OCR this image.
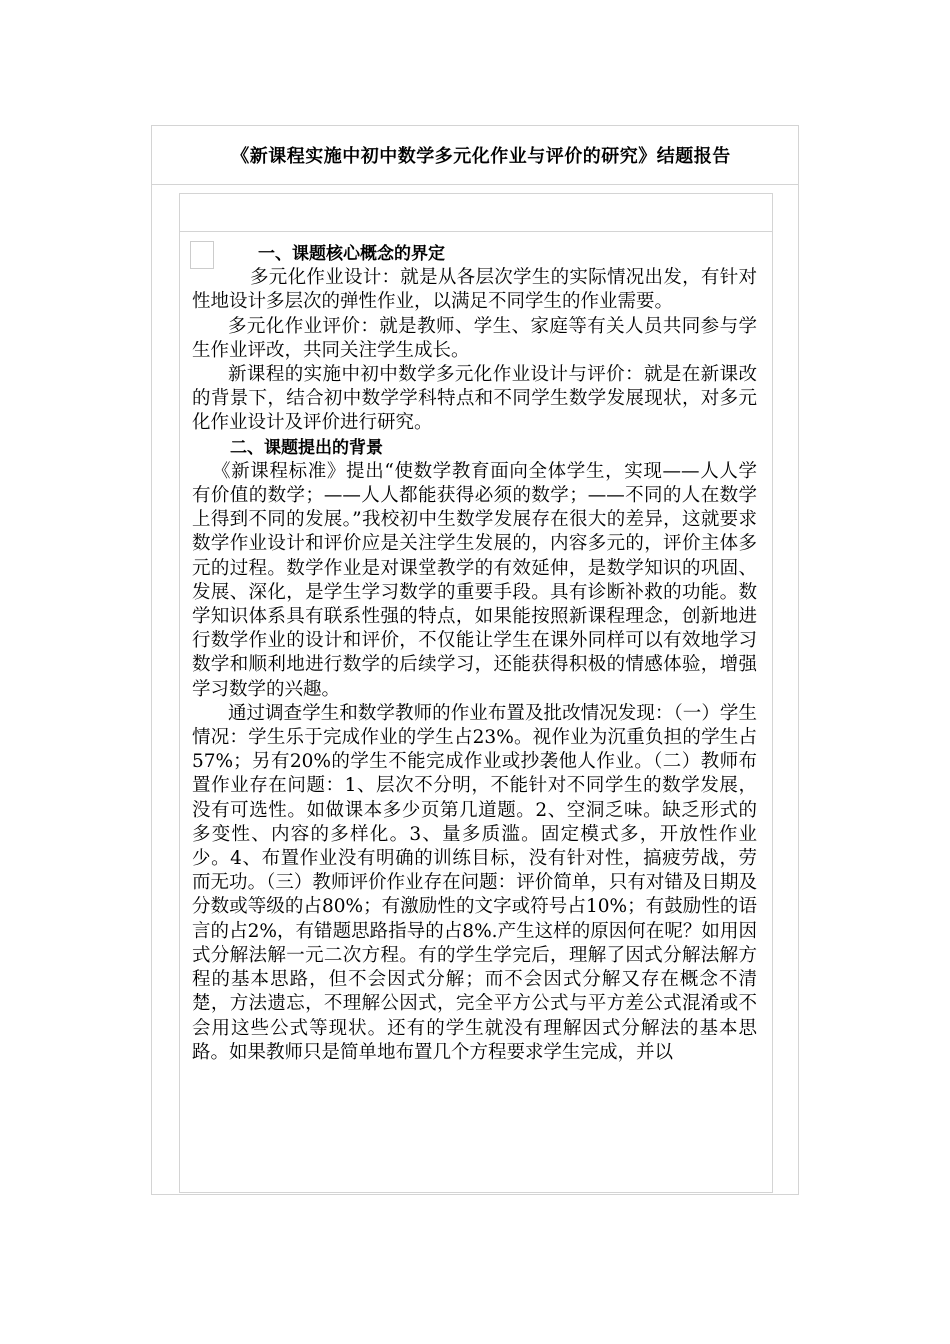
《新课程实施中初中数学多元化作业与评价的研究》结题报告

一、课题核心概念的界定

多元化作业设计：就是从各层次学生的实际情况出发，有针对性地设计多层次的弹性作业，以满足不同学生的作业需要。

多元化作业评价：就是教师、学生、家庭等有关人员共同参与学生作业评改，共同关注学生成长。

新课程的实施中初中数学多元化作业设计与评价：就是在新课改的背景下，结合初中数学学科特点和不同学生数学发展现状，对多元化作业设计及评价进行研究。

二、课题提出的背景

《新课程标准》提出“使数学教育面向全体学生，实现——人人学有价值的数学；——人人都能获得必须的数学；——不同的人在数学上得到不同的发展。”我校初中生数学发展存在很大的差异，这就要求数学作业设计和评价应是关注学生发展的，内容多元的，评价主体多元的过程。数学作业是对课堂教学的有效延伸，是数学知识的巩固、发展、深化，是学生学习数学的重要手段。具有诊断补救的功能。数学知识体系具有联系性强的特点，如果能按照新课程理念，创新地进行数学作业的设计和评价，不仅能让学生在课外同样可以有效地学习数学和顺利地进行数学的后续学习，还能获得积极的情感体验，增强学习数学的兴趣。

通过调查学生和数学教师的作业布置及批改情况发现：（一）学生情况：学生乐于完成作业的学生占23%。视作业为沉重负担的学生占57%；另有20%的学生不能完成作业或抄袭他人作业。（二）教师布置作业存在问题：1、层次不分明，不能针对不同学生的数学发展，没有可选性。如做课本多少页第几道题。2、空洞乏味。缺乏形式的多变性、内容的多样化。3、量多质滥。固定模式多，开放性作业少。4、布置作业没有明确的训练目标，没有针对性，搞疲劳战，劳而无功。（三）教师评价作业存在问题：评价简单，只有对错及日期及分数或等级的占80%；有激励性的文字或符号占10%；有鼓励性的语言的占2%，有错题思路指导的占8%.产生这样的原因何在呢？如用因式分解法解一元二次方程。有的学生学完后，理解了因式分解法解方程的基本思路，但不会因式分解；而不会因式分解又存在概念不清楚，方法遗忘，不理解公因式，完全平方公式与平方差公式混淆或不会用这些公式等现状。还有的学生就没有理解因式分解法的基本思路。如果教师只是简单地布置几个方程要求学生完成，并以
